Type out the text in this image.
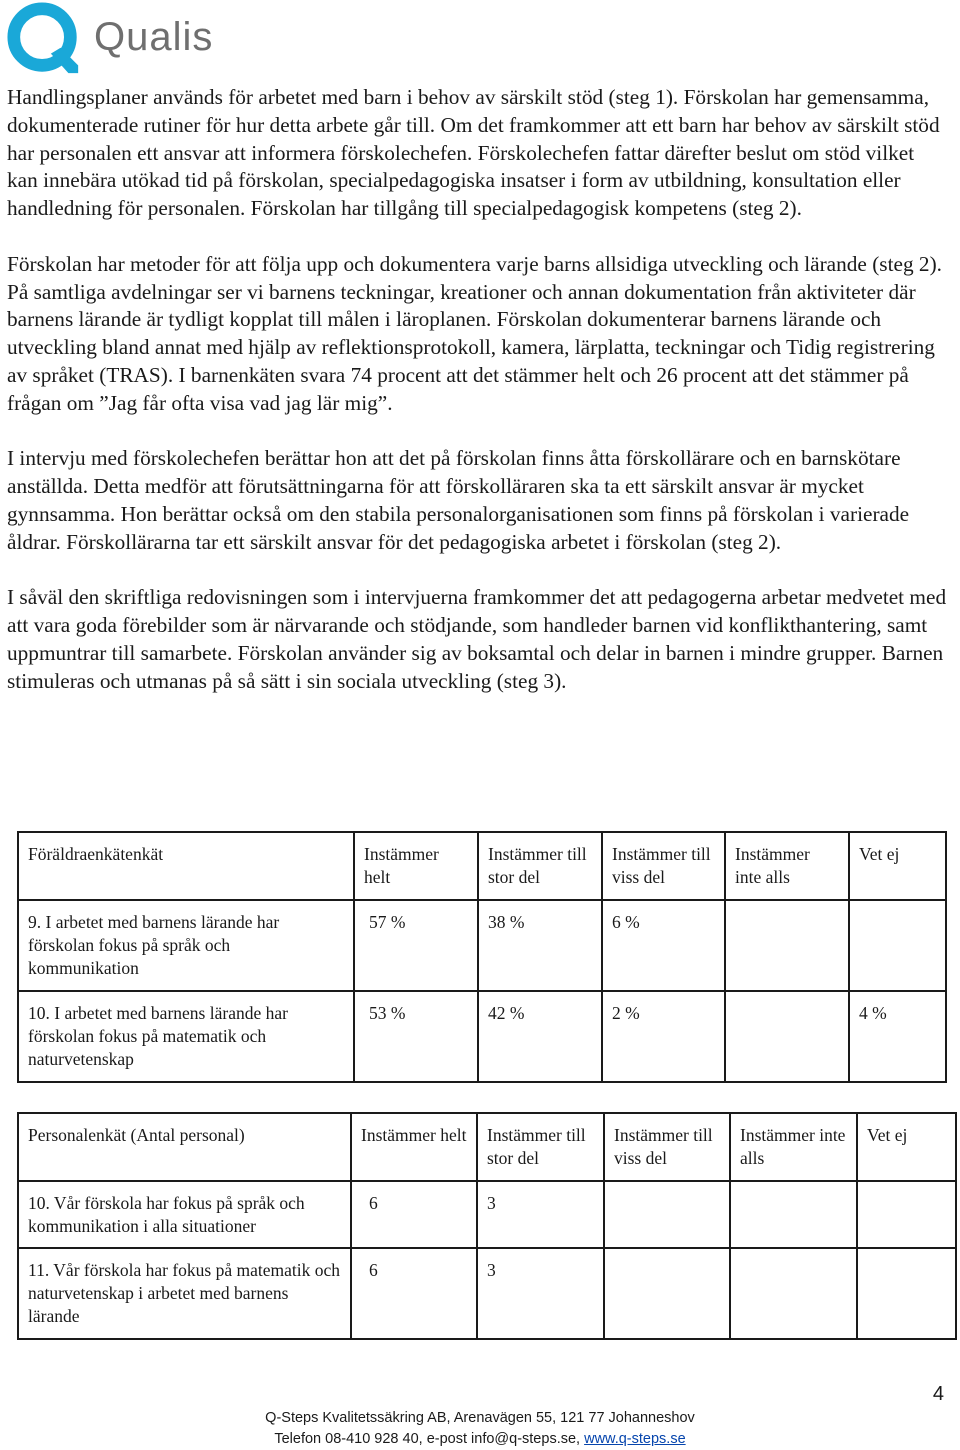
Qualis

Handlingsplaner används för arbetet med barn i behov av särskilt stöd (steg 1). Förskolan har gemensamma, dokumenterade rutiner för hur detta arbete går till. Om det framkommer att ett barn har behov av särskilt stöd har personalen ett ansvar att informera förskolechefen. Förskolechefen fattar därefter beslut om stöd vilket kan innebära utökad tid på förskolan, specialpedagogiska insatser i form av utbildning, konsultation eller handledning för personalen. Förskolan har tillgång till specialpedagogisk kompetens (steg 2).

Förskolan har metoder för att följa upp och dokumentera varje barns allsidiga utveckling och lärande (steg 2). På samtliga avdelningar ser vi barnens teckningar, kreationer och annan dokumentation från aktiviteter där barnens lärande är tydligt kopplat till målen i läroplanen. Förskolan dokumenterar barnens lärande och utveckling bland annat med hjälp av reflektionsprotokoll, kamera, lärplatta, teckningar och Tidig registrering av språket (TRAS). I barnenkäten svara 74 procent att det stämmer helt och 26 procent att det stämmer på frågan om ”Jag får ofta visa vad jag lär mig”.

I intervju med förskolechefen berättar hon att det på förskolan finns åtta förskollärare och en barnskötare anställda. Detta medför att förutsättningarna för att förskolläraren ska ta ett särskilt ansvar är mycket gynnsamma. Hon berättar också om den stabila personalorganisationen som finns på förskolan i varierade åldrar. Förskollärarna tar ett särskilt ansvar för det pedagogiska arbetet i förskolan (steg 2).

I såväl den skriftliga redovisningen som i intervjuerna framkommer det att pedagogerna arbetar medvetet med att vara goda förebilder som är närvarande och stödjande, som handleder barnen vid konflikthantering, samt uppmuntrar till samarbete. Förskolan använder sig av boksamtal och delar in barnen i mindre grupper. Barnen stimuleras och utmanas på så sätt i sin sociala utveckling (steg 3).

Föräldraenkätenkät	Instämmer helt	Instämmer till stor del	Instämmer till viss del	Instämmer inte alls	Vet ej
9. I arbetet med barnens lärande har förskolan fokus på språk och kommunikation	57 %	38 %	6 %		
10. I arbetet med barnens lärande har förskolan fokus på matematik och naturvetenskap	53 %	42 %	2 %		4 %
Personalenkät (Antal personal)	Instämmer helt	Instämmer till stor del	Instämmer till viss del	Instämmer inte alls	Vet ej
10. Vår förskola har fokus på språk och kommunikation i alla situationer	6	3			
11. Vår förskola har fokus på matematik och naturvetenskap i arbetet med barnens lärande	6	3			
4
Q-Steps Kvalitetssäkring AB, Arenavägen 55, 121 77 Johanneshov
Telefon 08-410 928 40, e-post info@q-steps.se, www.q-steps.se
